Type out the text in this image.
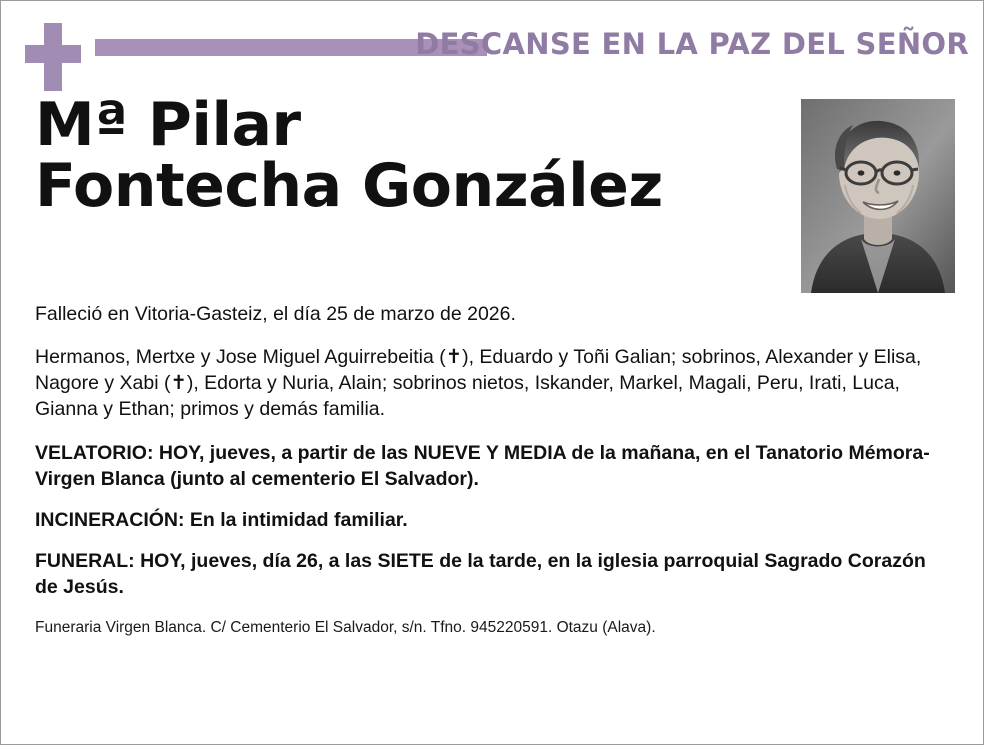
DESCANSE EN LA PAZ DEL SEÑOR
Mª Pilar
Fontecha González

Falleció en Vitoria-Gasteiz, el día 25 de marzo de 2026.

Hermanos, Mertxe y Jose Miguel Aguirrebeitia (✝), Eduardo y Toñi Galian; sobrinos, Alexander y Elisa, Nagore y Xabi (✝), Edorta y Nuria, Alain; sobrinos nietos, Iskander, Markel, Magali, Peru, Irati, Luca, Gianna y Ethan; primos y demás familia.

VELATORIO: HOY, jueves, a partir de las NUEVE Y MEDIA de la mañana, en el Tanatorio Mémora-Virgen Blanca (junto al cementerio El Salvador).

INCINERACIÓN: En la intimidad familiar.

FUNERAL: HOY, jueves, día 26, a las SIETE de la tarde, en la iglesia parroquial Sagrado Corazón de Jesús.

Funeraria Virgen Blanca. C/ Cementerio El Salvador, s/n. Tfno. 945220591. Otazu (Alava).
